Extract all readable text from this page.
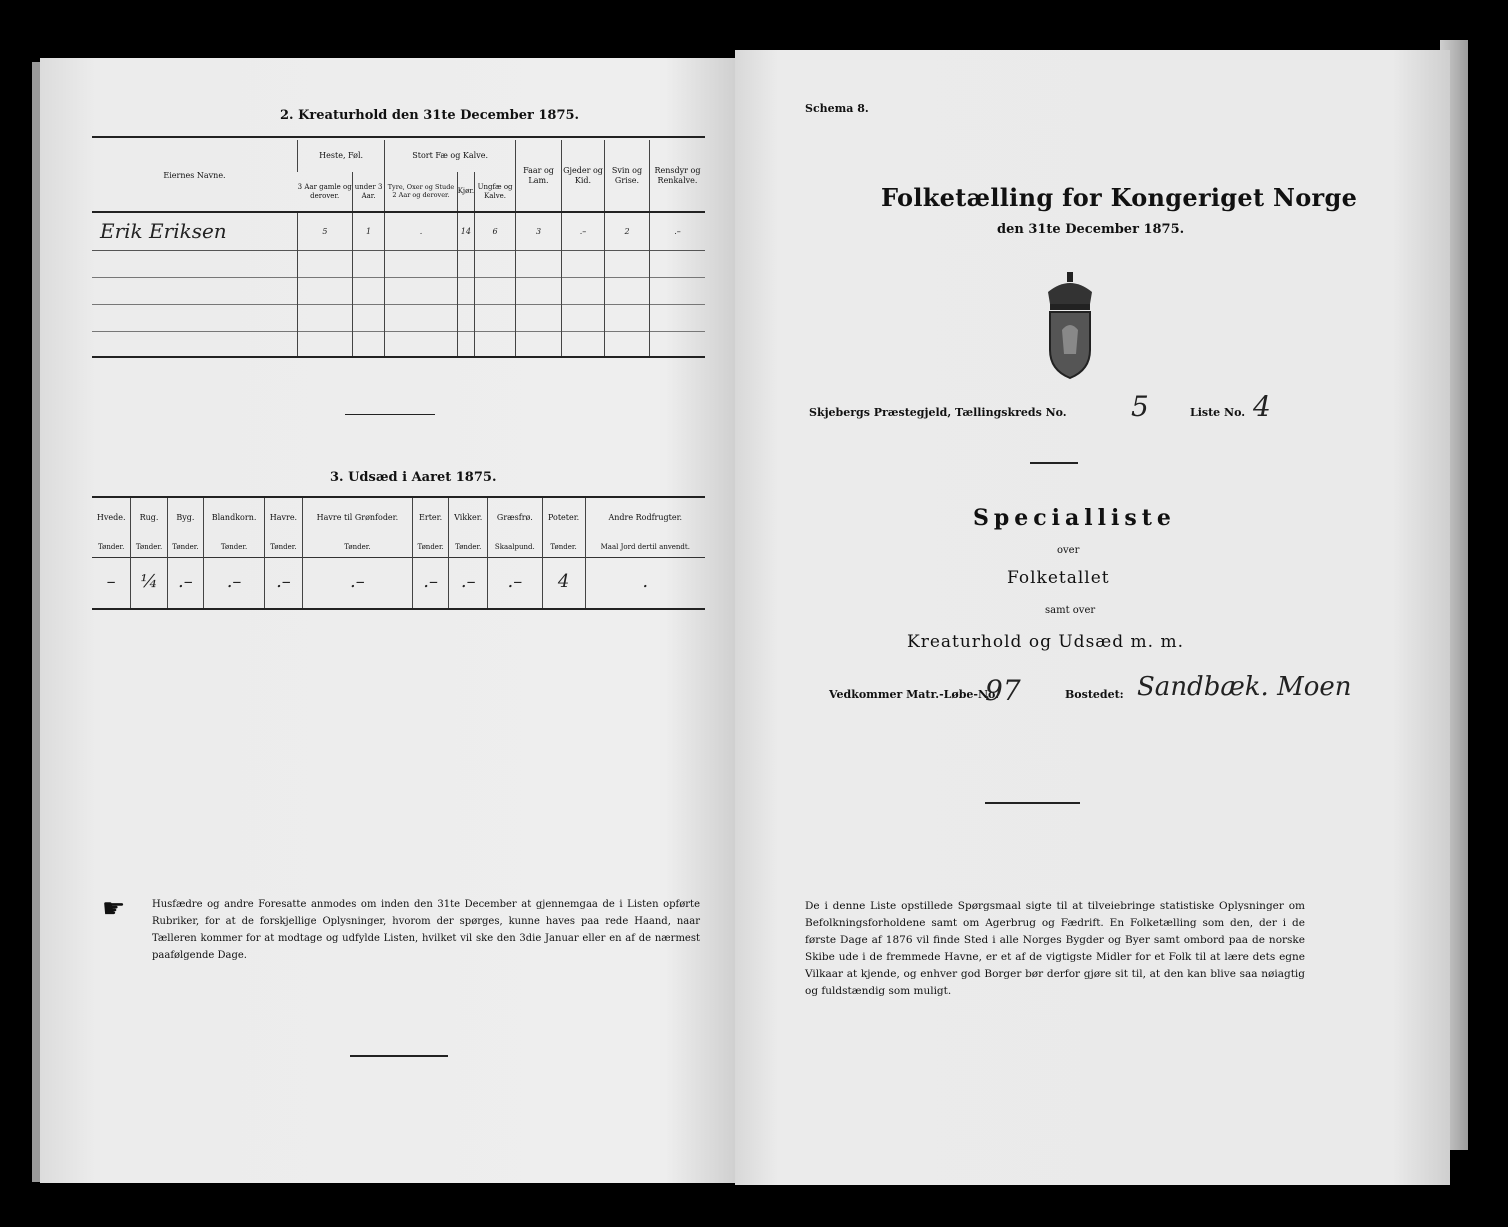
2. Kreaturhold den 31te December 1875.
Eiernes Navne.	Heste, Føl.		Stort Fæ og Kalve.			Faar og Lam.	Gjeder og Kid.	Svin og Grise.	Rensdyr og Renkalve.
	3 Aar gamle og derover.	under 3 Aar.	Tyre, Oxer og Stude 2 Aar og derover.	Kjør.	Ungfæ og Kalve.				
Erik Eriksen	5	1	.	14	6	3	.–	2	.–

3. Udsæd i Aaret 1875.
Hvede.	Rug.	Byg.	Blandkorn.	Havre.	Havre til Grønfoder.	Erter.	Vikker.	Græsfrø.	Poteter.	Andre Rodfrugter.
Tønder.	Tønder.	Tønder.	Tønder.	Tønder.	Tønder.	Tønder.	Tønder.	Skaalpund.	Tønder.	Maal Jord dertil anvendt.
–	¼	.–	.–	.–	.–	.–	.–	.–	4	.
☛	Husfædre og andre Foresatte anmodes om inden den 31te December at gjennemgaa de i Listen opførte Rubriker, for at de forskjellige Oplysninger, hvorom der spørges, kunne haves paa rede Haand, naar Tælleren kommer for at modtage og udfylde Listen, hvilket vil ske den 3die Januar eller en af de nærmest paafølgende Dage.
Schema 8.
Folketælling for Kongeriget Norge
den 31te December 1875.
Skjebergs Præstegjeld, Tællingskreds No. 5	Liste No. 4
Specialliste
over
Folketallet
samt over
Kreaturhold og Udsæd m. m.
Vedkommer Matr.-Løbe-No.
97	Bostedet: Sandbæk. Moen
De i denne Liste opstillede Spørgsmaal sigte til at tilveiebringe statistiske Oplysninger om Befolkningsforholdene samt om Agerbrug og Fædrift. En Folketælling som den, der i de første Dage af 1876 vil finde Sted i alle Norges Bygder og Byer samt ombord paa de norske Skibe ude i de fremmede Havne, er et af de vigtigste Midler for et Folk til at lære dets egne Vilkaar at kjende, og enhver god Borger bør derfor gjøre sit til, at den kan blive saa nøiagtig og fuldstændig som muligt.
